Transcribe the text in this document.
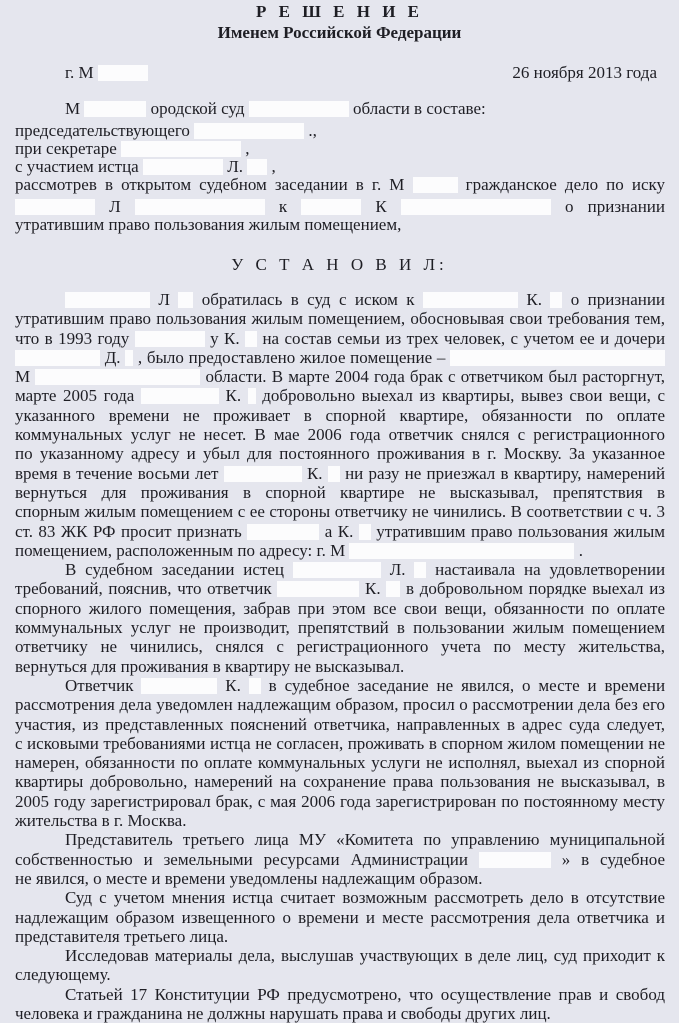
Р Е Ш Е Н И Е
Именем Российской Федерации
26 ноября 2013 года
г. М
М	ородской суд	области в составе:
председательствующего	.,
при секретаре	,
с участием истца	Л. ,
рассмотрев в открытом судебном заседании в г. М	гражданское дело по иску
Л	к	К	о признании
утратившим право пользования жилым помещением,
У С Т А Н О В И Л:
Л обратилась в суд с иском к	К. о признании
утратившим право пользования жилым помещением, обосновывая свои требования тем,
что в 1993 году	у К. на состав семьи из трех человек, с учетом ее и дочери
Д. , было предоставлено жилое помещение –
М	области. В марте 2004 года брак с ответчиком был расторгнут,
марте 2005 года	К. добровольно выехал из квартиры, вывез свои вещи, с
указанного времени не проживает в спорной квартире, обязанности по оплате
коммунальных услуг не несет. В мае 2006 года ответчик снялся с регистрационного
по указанному адресу и убыл для постоянного проживания в г. Москву. За указанное
время в течение восьми лет	К. ни разу не приезжал в квартиру, намерений
вернуться для проживания в спорной квартире не высказывал, препятствия в
спорным жилым помещением с ее стороны ответчику не чинились. В соответствии с ч. 3
ст. 83 ЖК РФ просит признать	а К. утратившим право пользования жилым
помещением, расположенным по адресу: г. М	.
В судебном заседании истец	Л. настаивала на удовлетворении
требований, пояснив, что ответчик	К. в добровольном порядке выехал из
спорного жилого помещения, забрав при этом все свои вещи, обязанности по оплате
коммунальных услуг не производит, препятствий в пользовании жилым помещением
ответчику не чинились, снялся с регистрационного учета по месту жительства,
вернуться для проживания в квартиру не высказывал.
Ответчик	К. в судебное заседание не явился, о месте и времени
рассмотрения дела уведомлен надлежащим образом, просил о рассмотрении дела без его
участия, из представленных пояснений ответчика, направленных в адрес суда следует,
с исковыми требованиями истца не согласен, проживать в спорном жилом помещении не
намерен, обязанности по оплате коммунальных услуги не исполнял, выехал из спорной
квартиры добровольно, намерений на сохранение права пользования не высказывал, в
2005 году зарегистрировал брак, с мая 2006 года зарегистрирован по постоянному месту
жительства в г. Москва.
Представитель третьего лица МУ «Комитета по управлению муниципальной
собственностью и земельными ресурсами Администрации	» в судебное
не явился, о месте и времени уведомлены надлежащим образом.
Суд с учетом мнения истца считает возможным рассмотреть дело в отсутствие
надлежащим образом извещенного о времени и месте рассмотрения дела ответчика и
представителя третьего лица.
Исследовав материалы дела, выслушав участвующих в деле лиц, суд приходит к
следующему.
Статьей 17 Конституции РФ предусмотрено, что осуществление прав и свобод
человека и гражданина не должны нарушать права и свободы других лиц.
